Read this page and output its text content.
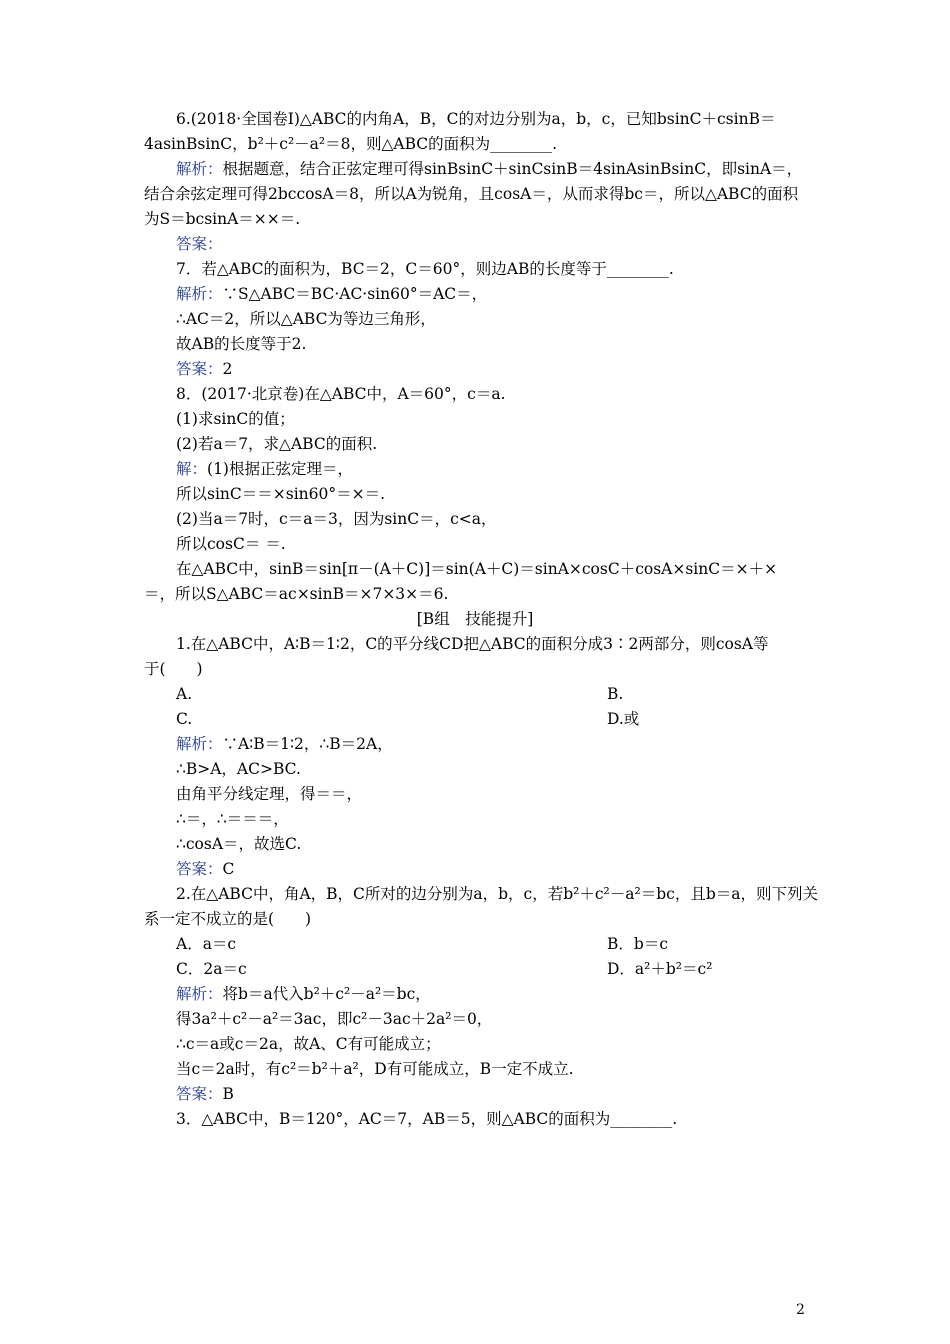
6.(2018·全国卷Ⅰ)△ABC的内角A，B，C的对边分别为a，b，c，已知bsinC＋csinB＝
4asinBsinC，b²＋c²－a²＝8，则△ABC的面积为________.
解析：根据题意，结合正弦定理可得sinBsinC＋sinCsinB＝4sinAsinBsinC，即sinA＝，
结合余弦定理可得2bccosA＝8，所以A为锐角，且cosA＝，从而求得bc＝，所以△ABC的面积
为S＝bcsinA＝××＝.
答案：
7．若△ABC的面积为，BC＝2，C＝60°，则边AB的长度等于________.
解析：∵S△ABC＝BC·AC·sin60°＝AC＝，
∴AC＝2，所以△ABC为等边三角形，
故AB的长度等于2.
答案：2
8．(2017·北京卷)在△ABC中，A＝60°，c＝a.
(1)求sinC的值；
(2)若a＝7，求△ABC的面积.
解：(1)根据正弦定理＝，
所以sinC＝＝×sin60°＝×＝.
(2)当a＝7时，c＝a＝3，因为sinC＝，c<a，
所以cosC＝ ＝.
在△ABC中，sinB＝sin[π－(A＋C)]＝sin(A＋C)＝sinA×cosC＋cosA×sinC＝×＋×
＝，所以S△ABC＝ac×sinB＝×7×3×＝6.
[B组　技能提升]
1.在△ABC中，A∶B＝1∶2，C的平分线CD把△ABC的面积分成3∶2两部分，则cosA等
于(　　)
A.	B.
C.	D.或
解析：∵A∶B＝1∶2，∴B＝2A，
∴B>A，AC>BC.
由角平分线定理，得＝＝，
∴＝，∴＝＝＝，
∴cosA＝，故选C.
答案：C
2.在△ABC中，角A，B，C所对的边分别为a，b，c，若b²＋c²－a²＝bc，且b＝a，则下列关
系一定不成立的是(　　)
A．a＝c	B．b＝c
C．2a＝c	D．a²＋b²＝c²
解析：将b＝a代入b²＋c²－a²＝bc，
得3a²＋c²－a²＝3ac，即c²－3ac＋2a²＝0，
∴c＝a或c＝2a，故A、C有可能成立；
当c＝2a时，有c²＝b²＋a²，D有可能成立，B一定不成立.
答案：B
3．△ABC中，B＝120°，AC＝7，AB＝5，则△ABC的面积为________.
2
